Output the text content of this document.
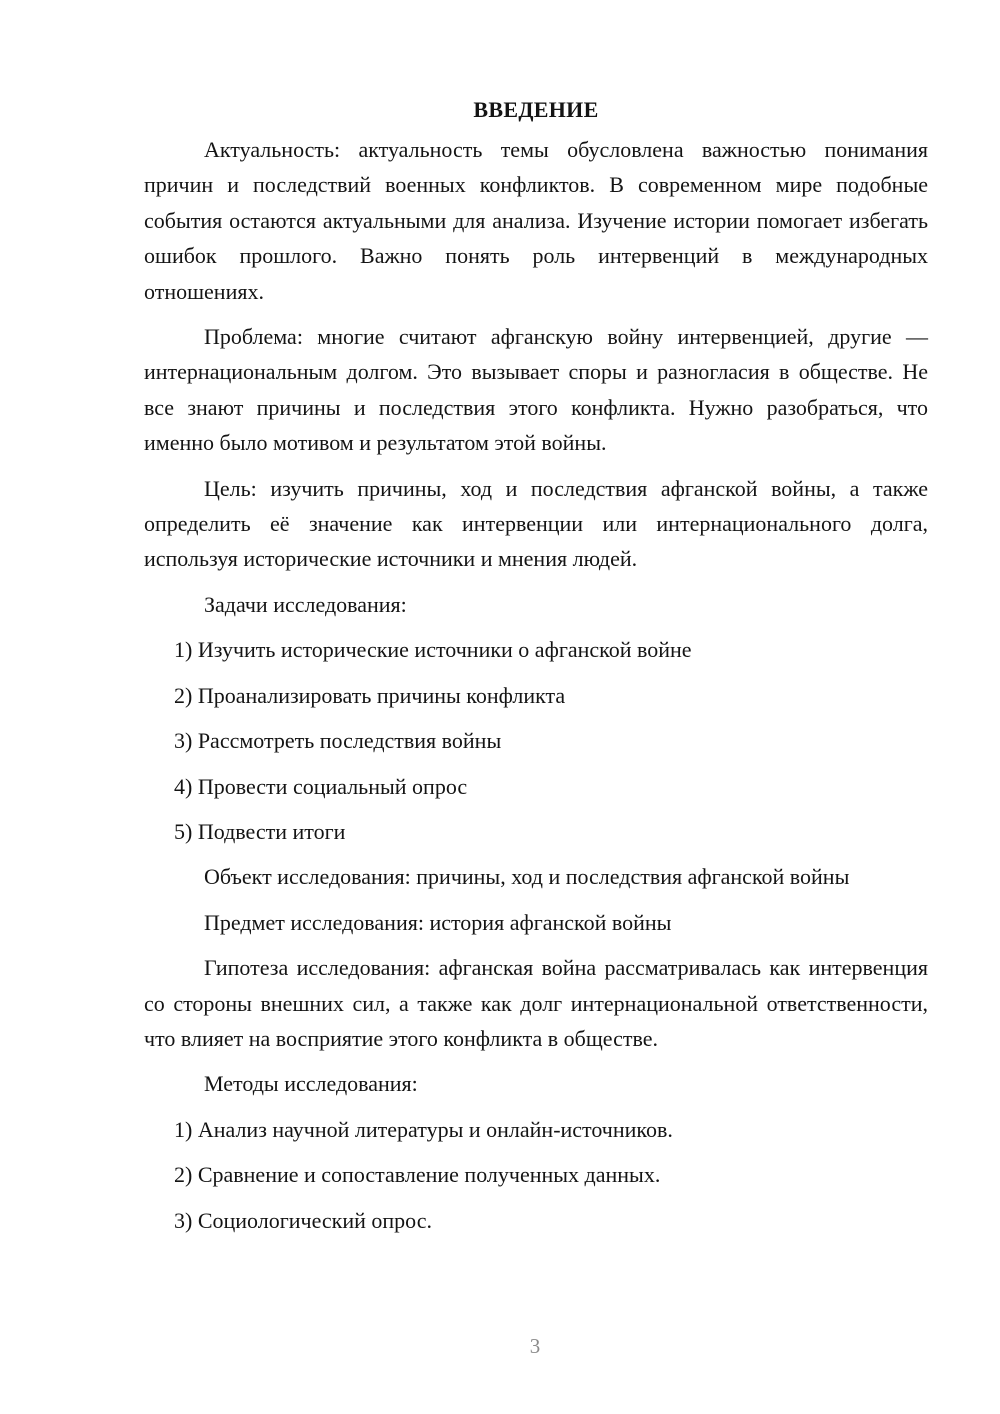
ВВЕДЕНИЕ

Актуальность: актуальность темы обусловлена важностью понимания причин и последствий военных конфликтов. В современном мире подобные события остаются актуальными для анализа. Изучение истории помогает избегать ошибок прошлого. Важно понять роль интервенций в международных отношениях.

Проблема: многие считают афганскую войну интервенцией, другие — интернациональным долгом. Это вызывает споры и разногласия в обществе. Не все знают причины и последствия этого конфликта. Нужно разобраться, что именно было мотивом и результатом этой войны.

Цель: изучить причины, ход и последствия афганской войны, а также определить её значение как интервенции или интернационального долга, используя исторические источники и мнения людей.

Задачи исследования:

1) Изучить исторические источники о афганской войне

2) Проанализировать причины конфликта

3) Рассмотреть последствия войны

4) Провести социальный опрос

5) Подвести итоги

Объект исследования: причины, ход и последствия афганской войны

Предмет исследования: история афганской войны

Гипотеза исследования: афганская война рассматривалась как интервенция со стороны внешних сил, а также как долг интернациональной ответственности, что влияет на восприятие этого конфликта в обществе.

Методы исследования:

1) Анализ научной литературы и онлайн-источников.

2) Сравнение и сопоставление полученных данных.

3) Социологический опрос.

3
